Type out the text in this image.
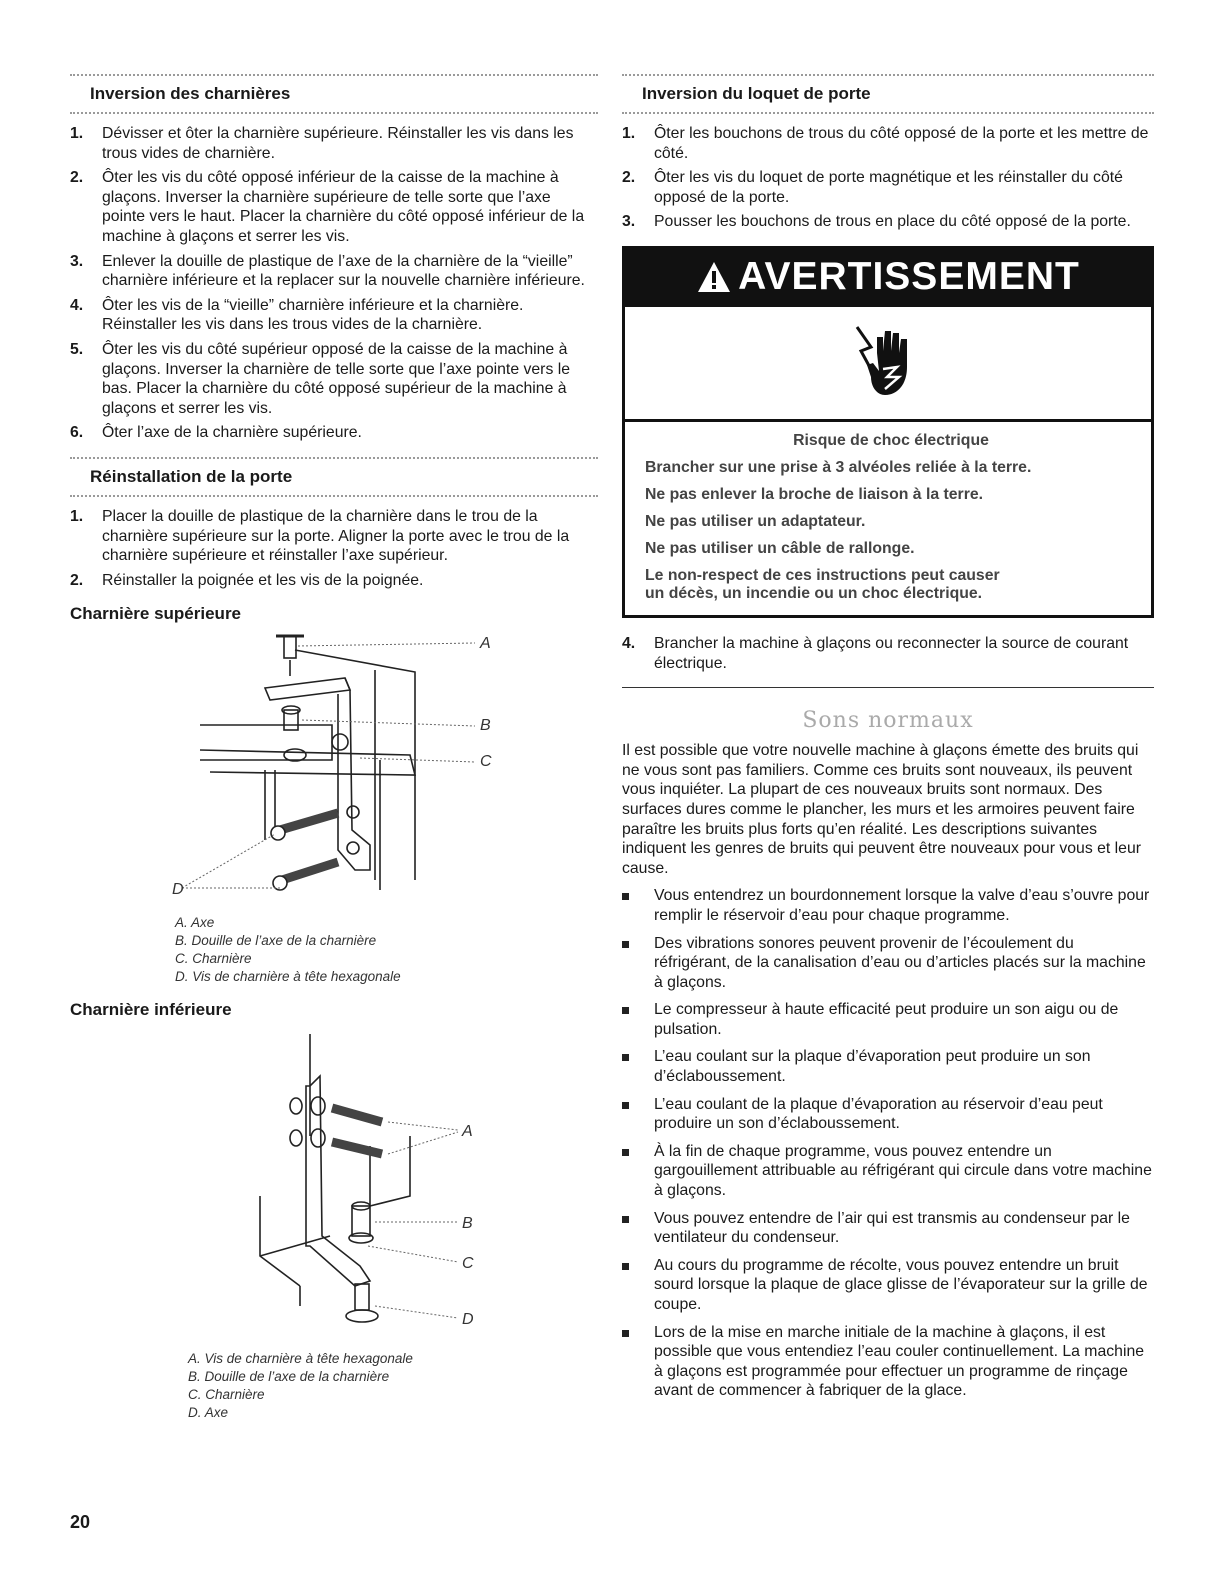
Inversion des charnières
1.	Dévisser et ôter la charnière supérieure. Réinstaller les vis dans les trous vides de charnière.
2.	Ôter les vis du côté opposé inférieur de la caisse de la machine à glaçons. Inverser la charnière supérieure de telle sorte que l’axe pointe vers le haut. Placer la charnière du côté opposé inférieur de la machine à glaçons et serrer les vis.
3.	Enlever la douille de plastique de l’axe de la charnière de la “vieille” charnière inférieure et la replacer sur la nouvelle charnière inférieure.
4.	Ôter les vis de la “vieille” charnière inférieure et la charnière. Réinstaller les vis dans les trous vides de la charnière.
5.	Ôter les vis du côté supérieur opposé de la caisse de la machine à glaçons. Inverser la charnière de telle sorte que l’axe pointe vers le bas. Placer la charnière du côté opposé supérieur de la machine à glaçons et serrer les vis.
6.	Ôter l’axe de la charnière supérieure.
Réinstallation de la porte
1.	Placer la douille de plastique de la charnière dans le trou de la charnière supérieure sur la porte. Aligner la porte avec le trou de la charnière supérieure et réinstaller l’axe supérieur.
2.	Réinstaller la poignée et les vis de la poignée.
Charnière supérieure
A
B
C
D
A. Axe
B. Douille de l’axe de la charnière
C. Charnière
D. Vis de charnière à tête hexagonale
Charnière inférieure
A
B
C
D
A. Vis de charnière à tête hexagonale
B. Douille de l’axe de la charnière
C. Charnière
D. Axe
Inversion du loquet de porte
1.	Ôter les bouchons de trous du côté opposé de la porte et les mettre de côté.
2.	Ôter les vis du loquet de porte magnétique et les réinstaller du côté opposé de la porte.
3.	Pousser les bouchons de trous en place du côté opposé de la porte.
AVERTISSEMENT

Risque de choc électrique

Brancher sur une prise à 3 alvéoles reliée à la terre.

Ne pas enlever la broche de liaison à la terre.

Ne pas utiliser un adaptateur.

Ne pas utiliser un câble de rallonge.

Le non-respect de ces instructions peut causer

un décès, un incendie ou un choc électrique.

4.	Brancher la machine à glaçons ou reconnecter la source de courant électrique.
Sons normaux

Il est possible que votre nouvelle machine à glaçons émette des bruits qui ne vous sont pas familiers. Comme ces bruits sont nouveaux, ils peuvent vous inquiéter. La plupart de ces nouveaux bruits sont normaux. Des surfaces dures comme le plancher, les murs et les armoires peuvent faire paraître les bruits plus forts qu’en réalité. Les descriptions suivantes indiquent les genres de bruits qui peuvent être nouveaux pour vous et leur cause.

Vous entendrez un bourdonnement lorsque la valve d’eau s’ouvre pour remplir le réservoir d’eau pour chaque programme.
Des vibrations sonores peuvent provenir de l’écoulement du réfrigérant, de la canalisation d’eau ou d’articles placés sur la machine à glaçons.
Le compresseur à haute efficacité peut produire un son aigu ou de pulsation.
L’eau coulant sur la plaque d’évaporation peut produire un son d’éclaboussement.
L’eau coulant de la plaque d’évaporation au réservoir d’eau peut produire un son d’éclaboussement.
À la fin de chaque programme, vous pouvez entendre un gargouillement attribuable au réfrigérant qui circule dans votre machine à glaçons.
Vous pouvez entendre de l’air qui est transmis au condenseur par le ventilateur du condenseur.
Au cours du programme de récolte, vous pouvez entendre un bruit sourd lorsque la plaque de glace glisse de l’évaporateur sur la grille de coupe.
Lors de la mise en marche initiale de la machine à glaçons, il est possible que vous entendiez l’eau couler continuellement. La machine à glaçons est programmée pour effectuer un programme de rinçage avant de commencer à fabriquer de la glace.
20
